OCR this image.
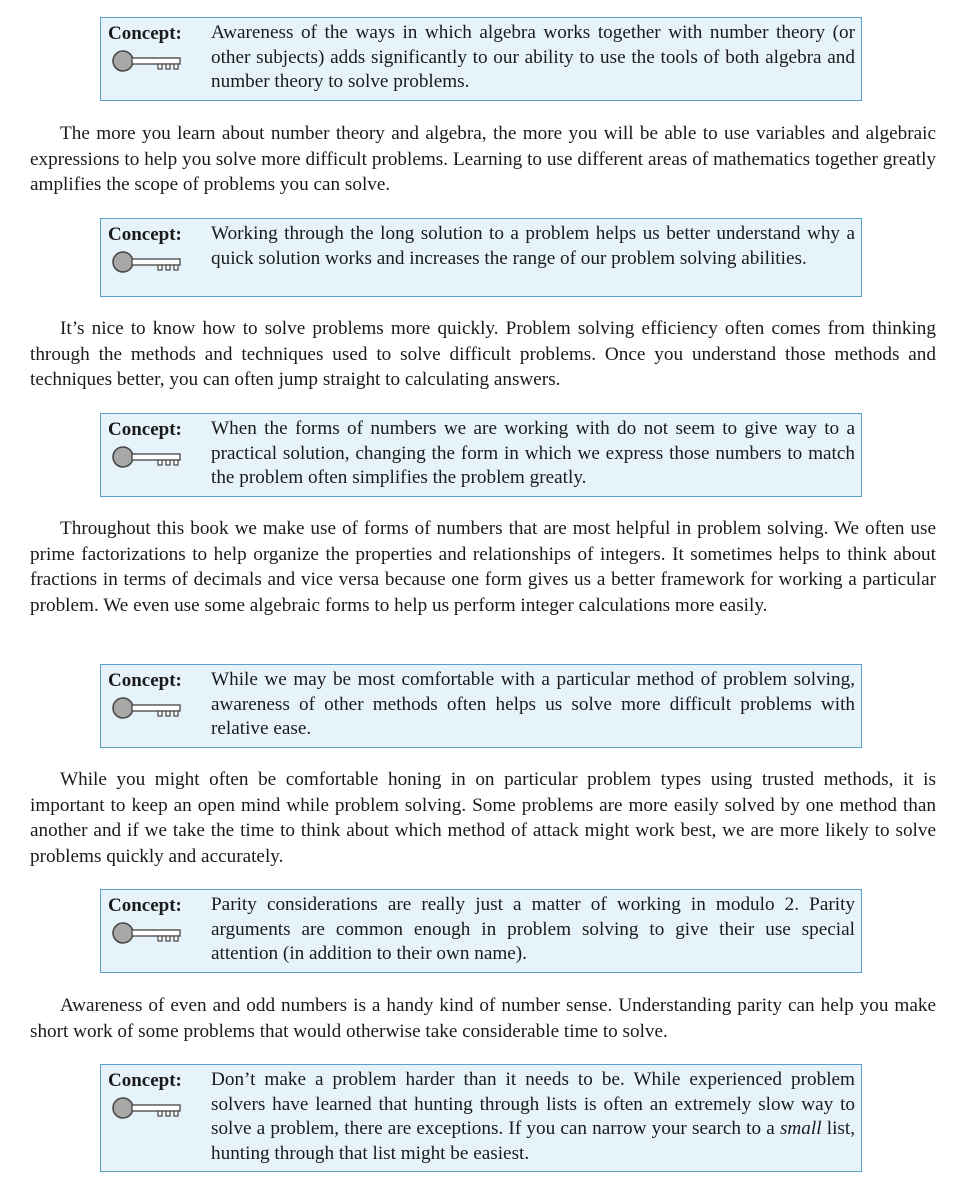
Concept:	Awareness of the ways in which algebra works together with number theory (or other subjects) adds significantly to our ability to use the tools of both algebra and number theory to solve problems.

The more you learn about number theory and algebra, the more you will be able to use variables and algebraic expressions to help you solve more difficult problems. Learning to use different areas of mathematics together greatly amplifies the scope of problems you can solve.

Concept:	Working through the long solution to a problem helps us better understand why a quick solution works and increases the range of our problem solving abilities.

It’s nice to know how to solve problems more quickly. Problem solving efficiency often comes from thinking through the methods and techniques used to solve difficult problems. Once you understand those methods and techniques better, you can often jump straight to calculating answers.

Concept:	When the forms of numbers we are working with do not seem to give way to a practical solution, changing the form in which we express those numbers to match the problem often simplifies the problem greatly.

Throughout this book we make use of forms of numbers that are most helpful in problem solving. We often use prime factorizations to help organize the properties and relationships of integers. It sometimes helps to think about fractions in terms of decimals and vice versa because one form gives us a better framework for working a particular problem. We even use some algebraic forms to help us perform integer calculations more easily.

Concept:	While we may be most comfortable with a particular method of problem solving, awareness of other methods often helps us solve more difficult problems with relative ease.

While you might often be comfortable honing in on particular problem types using trusted methods, it is important to keep an open mind while problem solving. Some problems are more easily solved by one method than another and if we take the time to think about which method of attack might work best, we are more likely to solve problems quickly and accurately.

Concept:	Parity considerations are really just a matter of working in modulo 2. Parity arguments are common enough in problem solving to give their use special attention (in addition to their own name).

Awareness of even and odd numbers is a handy kind of number sense. Understanding parity can help you make short work of some problems that would otherwise take considerable time to solve.

Concept:	Don’t make a problem harder than it needs to be. While experienced problem solvers have learned that hunting through lists is often an extremely slow way to solve a problem, there are exceptions. If you can narrow your search to a small list, hunting through that list might be easiest.
